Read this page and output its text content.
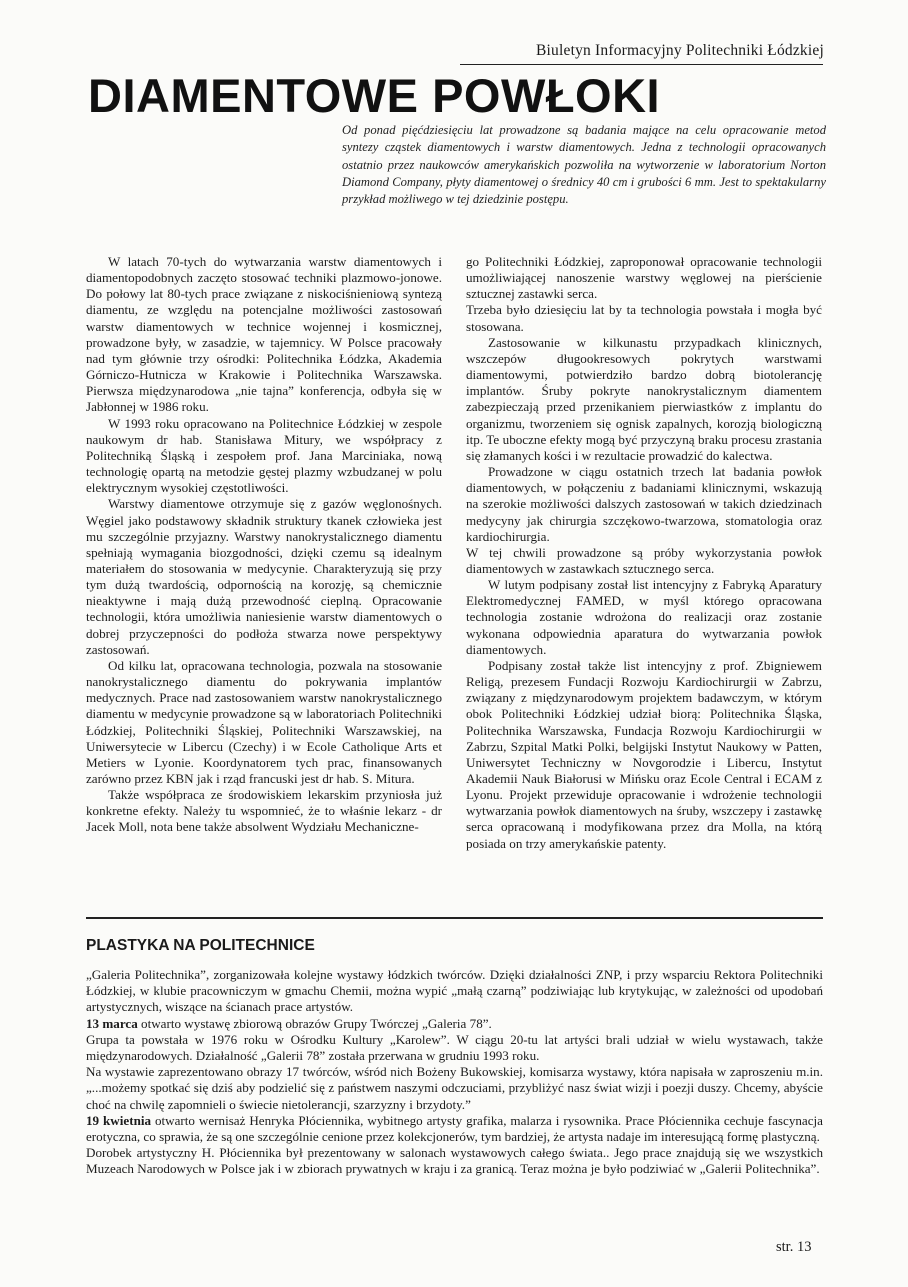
Biuletyn Informacyjny Politechniki Łódzkiej
DIAMENTOWE POWŁOKI
Od ponad pięćdziesięciu lat prowadzone są badania mające na celu opracowanie metod syntezy cząstek diamentowych i warstw diamentowych. Jedna z technologii opracowanych ostatnio przez naukowców amerykańskich pozwoliła na wytworzenie w laboratorium Norton Diamond Company, płyty diamentowej o średnicy 40 cm i grubości 6 mm. Jest to spektakularny przykład możliwego w tej dziedzinie postępu.

W latach 70-tych do wytwarzania warstw diamentowych i diamentopodobnych zaczęto stosować techniki plazmowo-jonowe. Do połowy lat 80-tych prace związane z niskociśnieniową syntezą diamentu, ze względu na potencjalne możliwości zastosowań warstw diamentowych w technice wojennej i kosmicznej, prowadzone były, w zasadzie, w tajemnicy. W Polsce pracowały nad tym głównie trzy ośrodki: Politechnika Łódzka, Akademia Górniczo-Hutnicza w Krakowie i Politechnika Warszawska. Pierwsza międzynarodowa „nie tajna” konferencja, odbyła się w Jabłonnej w 1986 roku.

W 1993 roku opracowano na Politechnice Łódzkiej w zespole naukowym dr hab. Stanisława Mitury, we współpracy z Politechniką Śląską i zespołem prof. Jana Marciniaka, nową technologię opartą na metodzie gęstej plazmy wzbudzanej w polu elektrycznym wysokiej częstotliwości.

Warstwy diamentowe otrzymuje się z gazów węglonośnych. Węgiel jako podstawowy składnik struktury tkanek człowieka jest mu szczególnie przyjazny. Warstwy nanokrystalicznego diamentu spełniają wymagania biozgodności, dzięki czemu są idealnym materiałem do stosowania w medycynie. Charakteryzują się przy tym dużą twardością, odpornością na korozję, są chemicznie nieaktywne i mają dużą przewodność cieplną. Opracowanie technologii, która umożliwia naniesienie warstw diamentowych o dobrej przyczepności do podłoża stwarza nowe perspektywy zastosowań.

Od kilku lat, opracowana technologia, pozwala na stosowanie nanokrystalicznego diamentu do pokrywania implantów medycznych. Prace nad zastosowaniem warstw nanokrystalicznego diamentu w medycynie prowadzone są w laboratoriach Politechniki Łódzkiej, Politechniki Śląskiej, Politechniki Warszawskiej, na Uniwersytecie w Libercu (Czechy) i w Ecole Catholique Arts et Metiers w Lyonie. Koordynatorem tych prac, finansowanych zarówno przez KBN jak i rząd francuski jest dr hab. S. Mitura.

Także współpraca ze środowiskiem lekarskim przyniosła już konkretne efekty. Należy tu wspomnieć, że to właśnie lekarz - dr Jacek Moll, nota bene także absolwent Wydziału Mechaniczne-

go Politechniki Łódzkiej, zaproponował opracowanie technologii umożliwiającej nanoszenie warstwy węglowej na pierścienie sztucznej zastawki serca.

Trzeba było dziesięciu lat by ta technologia powstała i mogła być stosowana.

Zastosowanie w kilkunastu przypadkach klinicznych, wszczepów długookresowych pokrytych warstwami diamentowymi, potwierdziło bardzo dobrą biotolerancję implantów. Śruby pokryte nanokrystalicznym diamentem zabezpieczają przed przenikaniem pierwiastków z implantu do organizmu, tworzeniem się ognisk zapalnych, korozją biologiczną itp. Te uboczne efekty mogą być przyczyną braku procesu zrastania się złamanych kości i w rezultacie prowadzić do kalectwa.

Prowadzone w ciągu ostatnich trzech lat badania powłok diamentowych, w połączeniu z badaniami klinicznymi, wskazują na szerokie możliwości dalszych zastosowań w takich dziedzinach medycyny jak chirurgia szczękowo-twarzowa, stomatologia oraz kardiochirurgia.

W tej chwili prowadzone są próby wykorzystania powłok diamentowych w zastawkach sztucznego serca.

W lutym podpisany został list intencyjny z Fabryką Aparatury Elektromedycznej FAMED, w myśl którego opracowana technologia zostanie wdrożona do realizacji oraz zostanie wykonana odpowiednia aparatura do wytwarzania powłok diamentowych.

Podpisany został także list intencyjny z prof. Zbigniewem Religą, prezesem Fundacji Rozwoju Kardiochirurgii w Zabrzu, związany z międzynarodowym projektem badawczym, w którym obok Politechniki Łódzkiej udział biorą: Politechnika Śląska, Politechnika Warszawska, Fundacja Rozwoju Kardiochirurgii w Zabrzu, Szpital Matki Polki, belgijski Instytut Naukowy w Patten, Uniwersytet Techniczny w Novgorodzie i Libercu, Instytut Akademii Nauk Białorusi w Mińsku oraz Ecole Central i ECAM z Lyonu. Projekt przewiduje opracowanie i wdrożenie technologii wytwarzania powłok diamentowych na śruby, wszczepy i zastawkę serca opracowaną i modyfikowana przez dra Molla, na którą posiada on trzy amerykańskie patenty.

PLASTYKA NA POLITECHNICE

„Galeria Politechnika”, zorganizowała kolejne wystawy łódzkich twórców. Dzięki działalności ZNP, i przy wsparciu Rektora Politechniki Łódzkiej, w klubie pracowniczym w gmachu Chemii, można wypić „małą czarną” podziwiając lub krytykując, w zależności od upodobań artystycznych, wiszące na ścianach prace artystów.

13 marca otwarto wystawę zbiorową obrazów Grupy Twórczej „Galeria 78”.

Grupa ta powstała w 1976 roku w Ośrodku Kultury „Karolew”. W ciągu 20-tu lat artyści brali udział w wielu wystawach, także międzynarodowych. Działalność „Galerii 78” została przerwana w grudniu 1993 roku.

Na wystawie zaprezentowano obrazy 17 twórców, wśród nich Bożeny Bukowskiej, komisarza wystawy, która napisała w zaproszeniu m.in. „...możemy spotkać się dziś aby podzielić się z państwem naszymi odczuciami, przybliżyć nasz świat wizji i poezji duszy. Chcemy, abyście choć na chwilę zapomnieli o świecie nietolerancji, szarzyzny i brzydoty.”

19 kwietnia otwarto wernisaż Henryka Płóciennika, wybitnego artysty grafika, malarza i rysownika. Prace Płóciennika cechuje fascynacja erotyczna, co sprawia, że są one szczególnie cenione przez kolekcjonerów, tym bardziej, że artysta nadaje im interesującą formę plastyczną.

Dorobek artystyczny H. Płóciennika był prezentowany w salonach wystawowych całego świata.. Jego prace znajdują się we wszystkich Muzeach Narodowych w Polsce jak i w zbiorach prywatnych w kraju i za granicą. Teraz można je było podziwiać w „Galerii Politechnika”.

str. 13
